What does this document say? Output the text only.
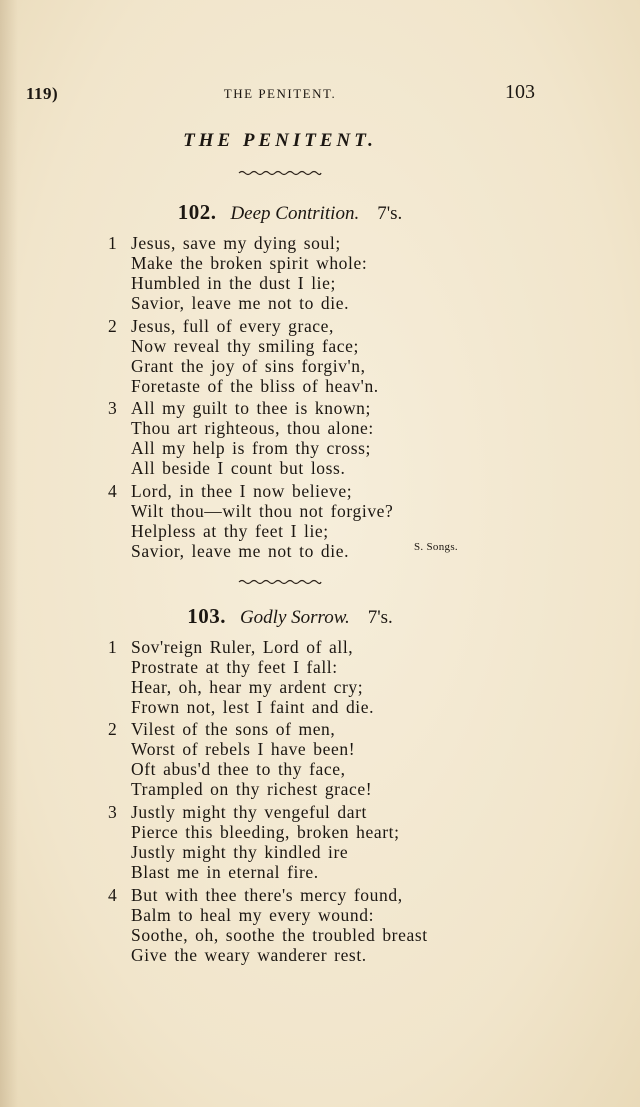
119)	THE PENITENT.	103
THE PENITENT.
102. Deep Contrition. 7's.
1 Jesus, save my dying soul;
Make the broken spirit whole:
Humbled in the dust I lie;
Savior, leave me not to die.
2 Jesus, full of every grace,
Now reveal thy smiling face;
Grant the joy of sins forgiv'n,
Foretaste of the bliss of heav'n.
3 All my guilt to thee is known;
Thou art righteous, thou alone:
All my help is from thy cross;
All beside I count but loss.
4 Lord, in thee I now believe;
Wilt thou—wilt thou not forgive?
Helpless at thy feet I lie;
Savior, leave me not to die.	S. Songs.
103. Godly Sorrow. 7's.
1 Sov'reign Ruler, Lord of all,
Prostrate at thy feet I fall:
Hear, oh, hear my ardent cry;
Frown not, lest I faint and die.
2 Vilest of the sons of men,
Worst of rebels I have been!
Oft abus'd thee to thy face,
Trampled on thy richest grace!
3 Justly might thy vengeful dart
Pierce this bleeding, broken heart;
Justly might thy kindled ire
Blast me in eternal fire.
4 But with thee there's mercy found,
Balm to heal my every wound:
Soothe, oh, soothe the troubled breast
Give the weary wanderer rest.
